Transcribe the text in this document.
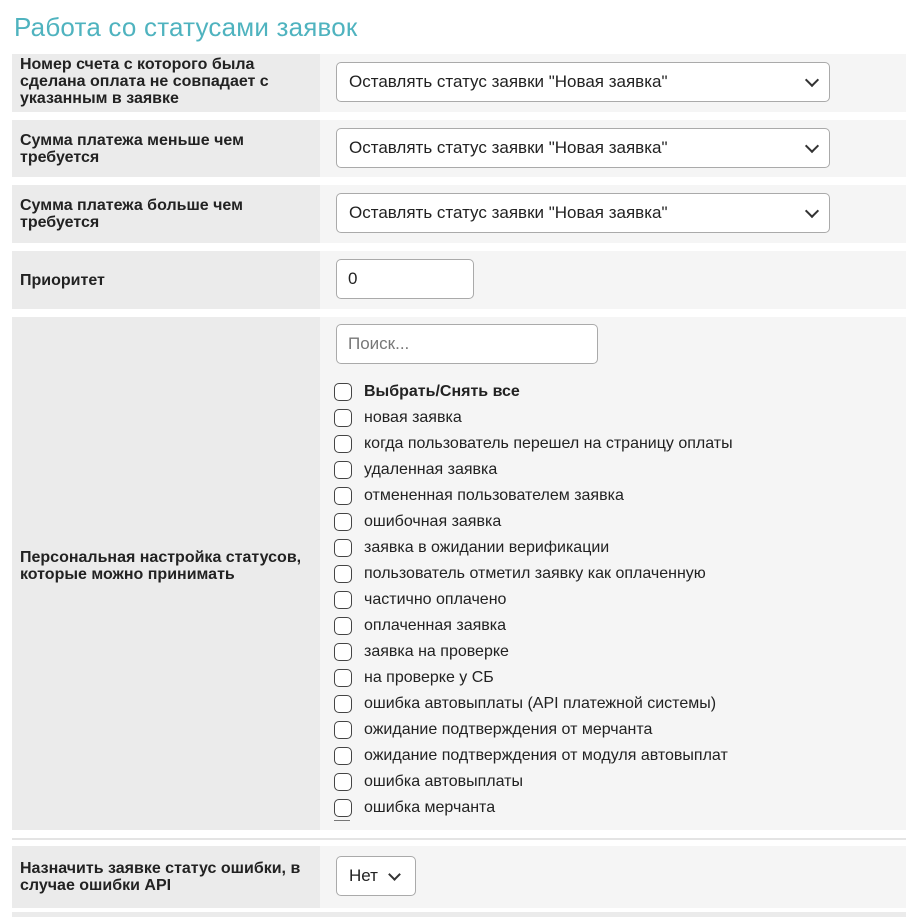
Работа со статусами заявок
Номер счета с которого была сделана оплата не совпадает с указанным в заявке
Оставлять статус заявки "Новая заявка"
Сумма платежа меньше чем требуется	Оставлять статус заявки "Новая заявка"
Сумма платежа больше чем требуется
Оставлять статус заявки "Новая заявка"
Приоритет	0
Персональная настройка статусов, которые можно принимать
Поиск...
Выбрать/Снять все
новая заявка
когда пользователь перешел на страницу оплаты
удаленная заявка
отмененная пользователем заявка
ошибочная заявка
заявка в ожидании верификации
пользователь отметил заявку как оплаченную
частично оплачено
оплаченная заявка
заявка на проверке
на проверке у СБ
ошибка автовыплаты (API платежной системы)
ожидание подтверждения от мерчанта
ожидание подтверждения от модуля автовыплат
ошибка автовыплаты
ошибка мерчанта
Назначить заявке статус ошибки, в случае ошибки API
Нет
